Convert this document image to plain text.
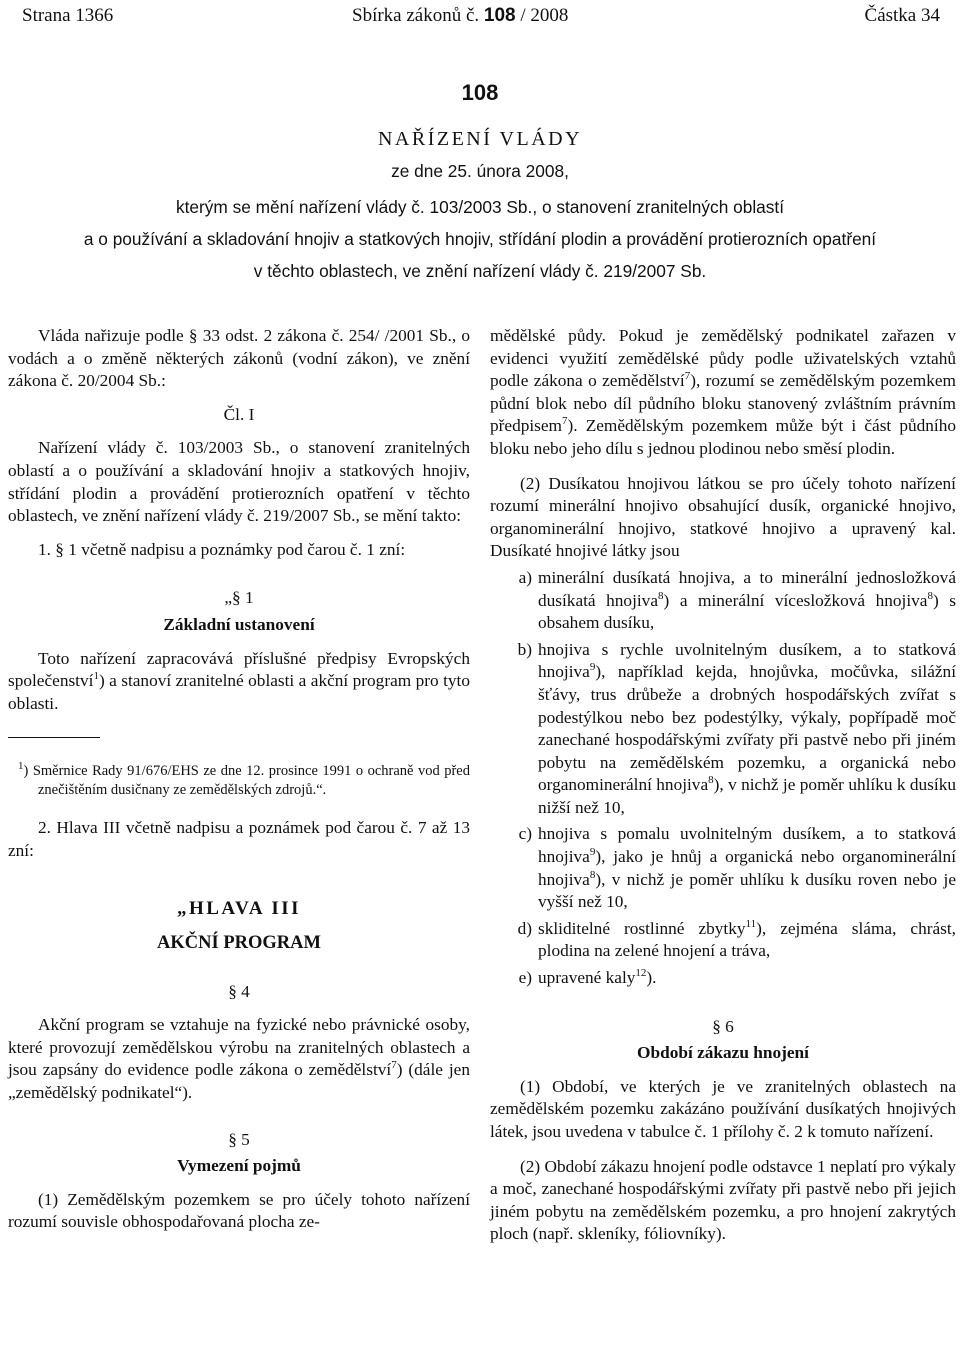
Strana 1366	Sbírka zákonů č. 108 / 2008	Částka 34
108
NAŘÍZENÍ VLÁDY
ze dne 25. února 2008,
kterým se mění nařízení vlády č. 103/2003 Sb., o stanovení zranitelných oblastí
a o používání a skladování hnojiv a statkových hnojiv, střídání plodin a provádění protierozních opatření
v těchto oblastech, ve znění nařízení vlády č. 219/2007 Sb.

Vláda nařizuje podle § 33 odst. 2 zákona č. 254/ /2001 Sb., o vodách a o změně některých zákonů (vodní zákon), ve znění zákona č. 20/2004 Sb.:

Čl. I

Nařízení vlády č. 103/2003 Sb., o stanovení zranitelných oblastí a o používání a skladování hnojiv a statkových hnojiv, střídání plodin a provádění protierozních opatření v těchto oblastech, ve znění nařízení vlády č. 219/2007 Sb., se mění takto:

1. § 1 včetně nadpisu a poznámky pod čarou č. 1 zní:

„§ 1

Základní ustanovení

Toto nařízení zapracovává příslušné předpisy Evropských společenství$^1$) a stanoví zranitelné oblasti a akční program pro tyto oblasti.

$^1$) Směrnice Rady 91/676/EHS ze dne 12. prosince 1991 o ochraně vod před znečištěním dusičnany ze zemědělských zdrojů.“.

2. Hlava III včetně nadpisu a poznámek pod čarou č. 7 až 13 zní:

„HLAVA III

AKČNÍ PROGRAM

§ 4

Akční program se vztahuje na fyzické nebo právnické osoby, které provozují zemědělskou výrobu na zranitelných oblastech a jsou zapsány do evidence podle zákona o zemědělství$^7$) (dále jen „zemědělský podnikatel“).

§ 5

Vymezení pojmů

(1) Zemědělským pozemkem se pro účely tohoto nařízení rozumí souvisle obhospodařovaná plocha ze-

mědělské půdy. Pokud je zemědělský podnikatel zařazen v evidenci využití zemědělské půdy podle uživatelských vztahů podle zákona o zemědělství$^7$), rozumí se zemědělským pozemkem půdní blok nebo díl půdního bloku stanovený zvláštním právním předpisem$^7$). Zemědělským pozemkem může být i část půdního bloku nebo jeho dílu s jednou plodinou nebo směsí plodin.

(2) Dusíkatou hnojivou látkou se pro účely tohoto nařízení rozumí minerální hnojivo obsahující dusík, organické hnojivo, organominerální hnojivo, statkové hnojivo a upravený kal. Dusíkaté hnojivé látky jsou

a) minerální dusíkatá hnojiva, a to minerální jednosložková dusíkatá hnojiva$^8$) a minerální vícesložková hnojiva$^8$) s obsahem dusíku,
b) hnojiva s rychle uvolnitelným dusíkem, a to statková hnojiva$^9$), například kejda, hnojůvka, močůvka, silážní šťávy, trus drůbeže a drobných hospodářských zvířat s podestýlkou nebo bez podestýlky, výkaly, popřípadě moč zanechané hospodářskými zvířaty při pastvě nebo při jiném pobytu na zemědělském pozemku, a organická nebo organominerální hnojiva$^8$), v nichž je poměr uhlíku k dusíku nižší než 10,
c) hnojiva s pomalu uvolnitelným dusíkem, a to statková hnojiva$^9$), jako je hnůj a organická nebo organominerální hnojiva$^8$), v nichž je poměr uhlíku k dusíku roven nebo je vyšší než 10,
d) skliditelné rostlinné zbytky$^{11}$), zejména sláma, chrást, plodina na zelené hnojení a tráva,
e) upravené kaly$^{12}$).

§ 6

Období zákazu hnojení

(1) Období, ve kterých je ve zranitelných oblastech na zemědělském pozemku zakázáno používání dusíkatých hnojivých látek, jsou uvedena v tabulce č. 1 přílohy č. 2 k tomuto nařízení.

(2) Období zákazu hnojení podle odstavce 1 neplatí pro výkaly a moč, zanechané hospodářskými zvířaty při pastvě nebo při jejich jiném pobytu na zemědělském pozemku, a pro hnojení zakrytých ploch (např. skleníky, fóliovníky).
